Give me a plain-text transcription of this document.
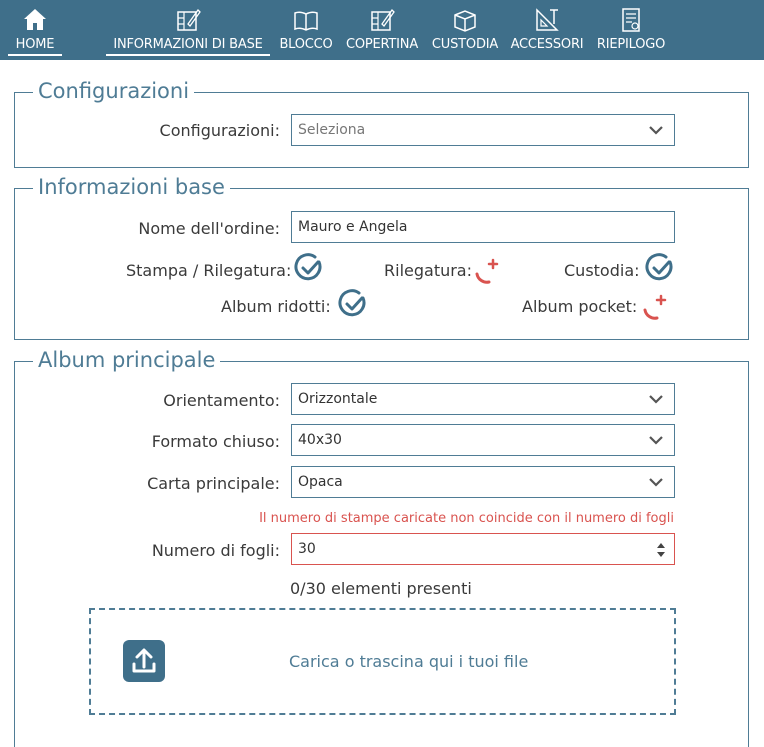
HOME	INFORMAZIONI DI BASE	BLOCCO	COPERTINA	CUSTODIA ACCESSORI	RIEPILOGO
Configurazioni
Configurazioni:	Seleziona
Informazioni base
Nome dell'ordine:	Mauro e Angela
Stampa / Rilegatura:	Rilegatura:	Custodia:
Album ridotti:	Album pocket:
Album principale
Orientamento:	Orizzontale
Formato chiuso:	40x30
Carta principale:	Opaca
Il numero di stampe caricate non coincide con il numero di fogli
Numero di fogli:	30
0/30 elementi presenti
Carica o trascina qui i tuoi file
